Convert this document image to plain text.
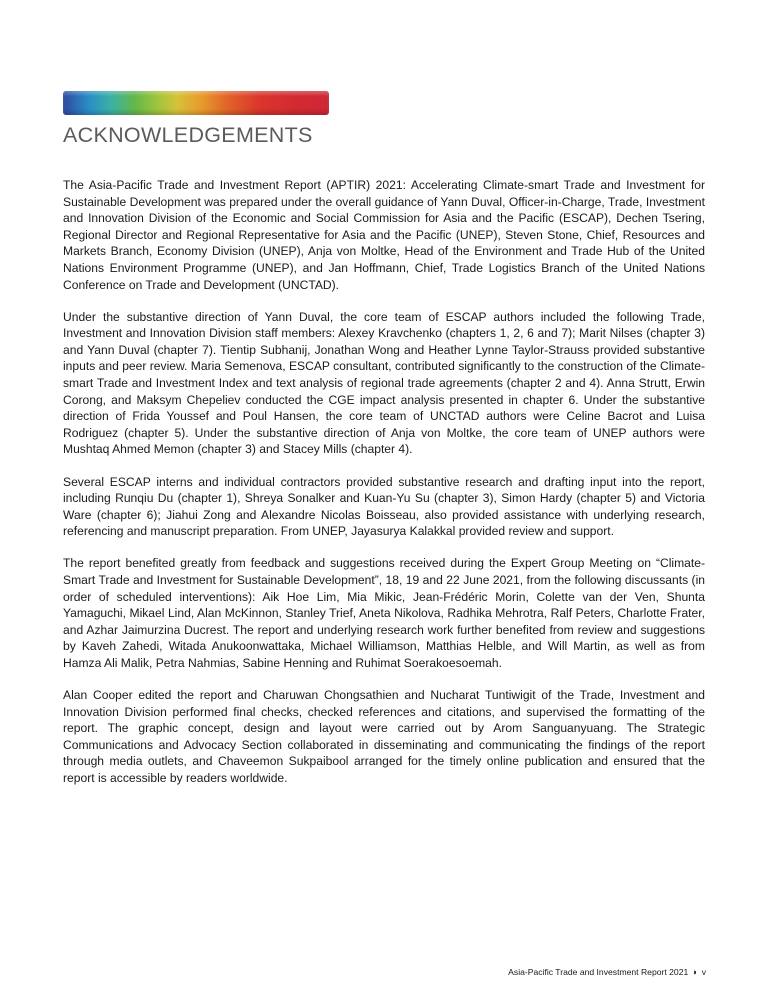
ACKNOWLEDGEMENTS

The Asia-Pacific Trade and Investment Report (APTIR) 2021: Accelerating Climate-smart Trade and Investment for Sustainable Development was prepared under the overall guidance of Yann Duval, Officer-in-Charge, Trade, Investment and Innovation Division of the Economic and Social Commission for Asia and the Pacific (ESCAP), Dechen Tsering, Regional Director and Regional Representative for Asia and the Pacific (UNEP), Steven Stone, Chief, Resources and Markets Branch, Economy Division (UNEP), Anja von Moltke, Head of the Environment and Trade Hub of the United Nations Environment Programme (UNEP), and Jan Hoffmann, Chief, Trade Logistics Branch of the United Nations Conference on Trade and Development (UNCTAD).

Under the substantive direction of Yann Duval, the core team of ESCAP authors included the following Trade, Investment and Innovation Division staff members: Alexey Kravchenko (chapters 1, 2, 6 and 7); Marit Nilses (chapter 3) and Yann Duval (chapter 7). Tientip Subhanij, Jonathan Wong and Heather Lynne Taylor-Strauss provided substantive inputs and peer review. Maria Semenova, ESCAP consultant, contributed significantly to the construction of the Climate-smart Trade and Investment Index and text analysis of regional trade agreements (chapter 2 and 4). Anna Strutt, Erwin Corong, and Maksym Chepeliev conducted the CGE impact analysis presented in chapter 6. Under the substantive direction of Frida Youssef and Poul Hansen, the core team of UNCTAD authors were Celine Bacrot and Luisa Rodriguez (chapter 5). Under the substantive direction of Anja von Moltke, the core team of UNEP authors were Mushtaq Ahmed Memon (chapter 3) and Stacey Mills (chapter 4).

Several ESCAP interns and individual contractors provided substantive research and drafting input into the report, including Runqiu Du (chapter 1), Shreya Sonalker and Kuan-Yu Su (chapter 3), Simon Hardy (chapter 5) and Victoria Ware (chapter 6); Jiahui Zong and Alexandre Nicolas Boisseau, also provided assistance with underlying research, referencing and manuscript preparation. From UNEP, Jayasurya Kalakkal provided review and support.

The report benefited greatly from feedback and suggestions received during the Expert Group Meeting on “Climate-Smart Trade and Investment for Sustainable Development”, 18, 19 and 22 June 2021, from the following discussants (in order of scheduled interventions): Aik Hoe Lim, Mia Mikic, Jean-Frédéric Morin, Colette van der Ven, Shunta Yamaguchi, Mikael Lind, Alan McKinnon, Stanley Trief, Aneta Nikolova, Radhika Mehrotra, Ralf Peters, Charlotte Frater, and Azhar Jaimurzina Ducrest. The report and underlying research work further benefited from review and suggestions by Kaveh Zahedi, Witada Anukoonwattaka, Michael Williamson, Matthias Helble, and Will Martin, as well as from Hamza Ali Malik, Petra Nahmias, Sabine Henning and Ruhimat Soerakoesoemah.

Alan Cooper edited the report and Charuwan Chongsathien and Nucharat Tuntiwigit of the Trade, Investment and Innovation Division performed final checks, checked references and citations, and supervised the formatting of the report. The graphic concept, design and layout were carried out by Arom Sanguanyuang. The Strategic Communications and Advocacy Section collaborated in disseminating and communicating the findings of the report through media outlets, and Chaveemon Sukpaibool arranged for the timely online publication and ensured that the report is accessible by readers worldwide.

Asia-Pacific Trade and Investment Report 2021 ◗ v
